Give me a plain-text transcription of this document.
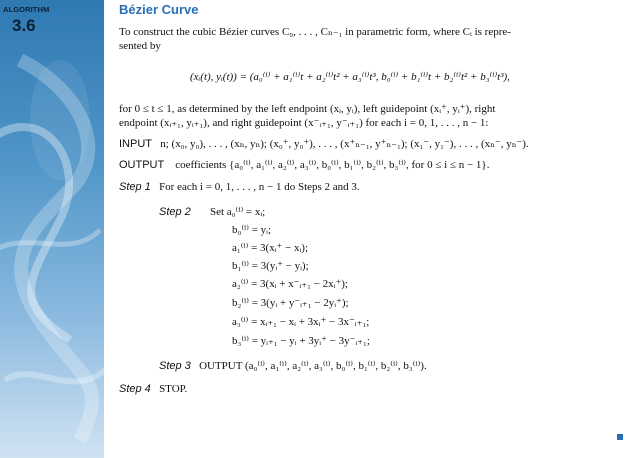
ALGORITHM
3.6
Bézier Curve
To construct the cubic Bézier curves C₀, . . . , Cₙ₋₁ in parametric form, where Cᵢ is repre-
sented by
(xᵢ(t), yᵢ(t)) = (a₀⁽ⁱ⁾ + a₁⁽ⁱ⁾t + a₂⁽ⁱ⁾t² + a₃⁽ⁱ⁾t³, b₀⁽ⁱ⁾ + b₁⁽ⁱ⁾t + b₂⁽ⁱ⁾t² + b₃⁽ⁱ⁾t³),
for 0 ≤ t ≤ 1, as determined by the left endpoint (xᵢ, yᵢ), left guidepoint (xᵢ⁺, yᵢ⁺), right
endpoint (xᵢ₊₁, yᵢ₊₁), and right guidepoint (x⁻ᵢ₊₁, y⁻ᵢ₊₁) for each i = 0, 1, . . . , n − 1:
INPUT n; (x₀, y₀), . . . , (xₙ, yₙ); (x₀⁺, y₀⁺), . . . , (x⁺ₙ₋₁, y⁺ₙ₋₁); (x₁⁻, y₁⁻), . . . , (xₙ⁻, yₙ⁻).
OUTPUT coefficients {a₀⁽ⁱ⁾, a₁⁽ⁱ⁾, a₂⁽ⁱ⁾, a₃⁽ⁱ⁾, b₀⁽ⁱ⁾, b₁⁽ⁱ⁾, b₂⁽ⁱ⁾, b₃⁽ⁱ⁾, for 0 ≤ i ≤ n − 1}.
Step 1 For each i = 0, 1, . . . , n − 1 do Steps 2 and 3.
Step 2 Set a₀⁽ⁱ⁾ = xᵢ;
b₀⁽ⁱ⁾ = yᵢ;
a₁⁽ⁱ⁾ = 3(xᵢ⁺ − xᵢ);
b₁⁽ⁱ⁾ = 3(yᵢ⁺ − yᵢ);
a₂⁽ⁱ⁾ = 3(xᵢ + x⁻ᵢ₊₁ − 2xᵢ⁺);
b₂⁽ⁱ⁾ = 3(yᵢ + y⁻ᵢ₊₁ − 2yᵢ⁺);
a₃⁽ⁱ⁾ = xᵢ₊₁ − xᵢ + 3xᵢ⁺ − 3x⁻ᵢ₊₁;
b₃⁽ⁱ⁾ = yᵢ₊₁ − yᵢ + 3yᵢ⁺ − 3y⁻ᵢ₊₁;
Step 3 OUTPUT (a₀⁽ⁱ⁾, a₁⁽ⁱ⁾, a₂⁽ⁱ⁾, a₃⁽ⁱ⁾, b₀⁽ⁱ⁾, b₁⁽ⁱ⁾, b₂⁽ⁱ⁾, b₃⁽ⁱ⁾).
Step 4 STOP.
